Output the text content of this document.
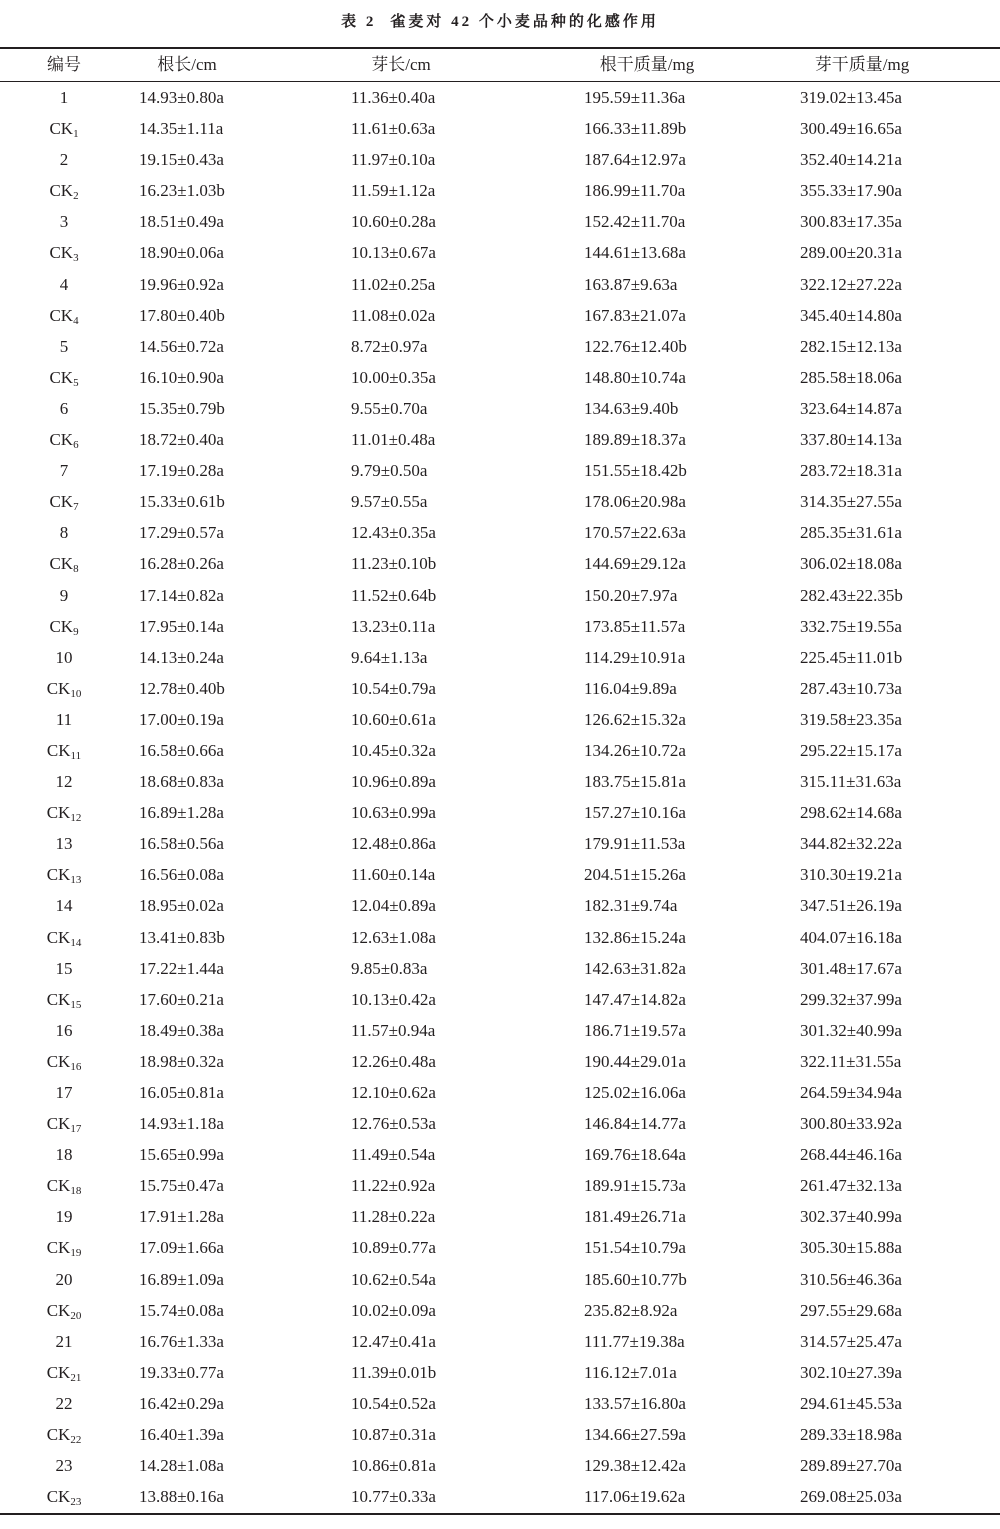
表 2 雀麦对 42 个小麦品种的化感作用
编号	根长/cm	芽长/cm	根干质量/mg	芽干质量/mg
1	14.93±0.80a	11.36±0.40a	195.59±11.36a	319.02±13.45a
$CK_1$	14.35±1.11a	11.61±0.63a	166.33±11.89b	300.49±16.65a
2	19.15±0.43a	11.97±0.10a	187.64±12.97a	352.40±14.21a
$CK_2$	16.23±1.03b	11.59±1.12a	186.99±11.70a	355.33±17.90a
3	18.51±0.49a	10.60±0.28a	152.42±11.70a	300.83±17.35a
$CK_3$	18.90±0.06a	10.13±0.67a	144.61±13.68a	289.00±20.31a
4	19.96±0.92a	11.02±0.25a	163.87±9.63a	322.12±27.22a
$CK_4$	17.80±0.40b	11.08±0.02a	167.83±21.07a	345.40±14.80a
5	14.56±0.72a	8.72±0.97a	122.76±12.40b	282.15±12.13a
$CK_5$	16.10±0.90a	10.00±0.35a	148.80±10.74a	285.58±18.06a
6	15.35±0.79b	9.55±0.70a	134.63±9.40b	323.64±14.87a
$CK_6$	18.72±0.40a	11.01±0.48a	189.89±18.37a	337.80±14.13a
7	17.19±0.28a	9.79±0.50a	151.55±18.42b	283.72±18.31a
$CK_7$	15.33±0.61b	9.57±0.55a	178.06±20.98a	314.35±27.55a
8	17.29±0.57a	12.43±0.35a	170.57±22.63a	285.35±31.61a
$CK_8$	16.28±0.26a	11.23±0.10b	144.69±29.12a	306.02±18.08a
9	17.14±0.82a	11.52±0.64b	150.20±7.97a	282.43±22.35b
$CK_9$	17.95±0.14a	13.23±0.11a	173.85±11.57a	332.75±19.55a
10	14.13±0.24a	9.64±1.13a	114.29±10.91a	225.45±11.01b
$CK_{10}$	12.78±0.40b	10.54±0.79a	116.04±9.89a	287.43±10.73a
11	17.00±0.19a	10.60±0.61a	126.62±15.32a	319.58±23.35a
$CK_{11}$	16.58±0.66a	10.45±0.32a	134.26±10.72a	295.22±15.17a
12	18.68±0.83a	10.96±0.89a	183.75±15.81a	315.11±31.63a
$CK_{12}$	16.89±1.28a	10.63±0.99a	157.27±10.16a	298.62±14.68a
13	16.58±0.56a	12.48±0.86a	179.91±11.53a	344.82±32.22a
$CK_{13}$	16.56±0.08a	11.60±0.14a	204.51±15.26a	310.30±19.21a
14	18.95±0.02a	12.04±0.89a	182.31±9.74a	347.51±26.19a
$CK_{14}$	13.41±0.83b	12.63±1.08a	132.86±15.24a	404.07±16.18a
15	17.22±1.44a	9.85±0.83a	142.63±31.82a	301.48±17.67a
$CK_{15}$	17.60±0.21a	10.13±0.42a	147.47±14.82a	299.32±37.99a
16	18.49±0.38a	11.57±0.94a	186.71±19.57a	301.32±40.99a
$CK_{16}$	18.98±0.32a	12.26±0.48a	190.44±29.01a	322.11±31.55a
17	16.05±0.81a	12.10±0.62a	125.02±16.06a	264.59±34.94a
$CK_{17}$	14.93±1.18a	12.76±0.53a	146.84±14.77a	300.80±33.92a
18	15.65±0.99a	11.49±0.54a	169.76±18.64a	268.44±46.16a
$CK_{18}$	15.75±0.47a	11.22±0.92a	189.91±15.73a	261.47±32.13a
19	17.91±1.28a	11.28±0.22a	181.49±26.71a	302.37±40.99a
$CK_{19}$	17.09±1.66a	10.89±0.77a	151.54±10.79a	305.30±15.88a
20	16.89±1.09a	10.62±0.54a	185.60±10.77b	310.56±46.36a
$CK_{20}$	15.74±0.08a	10.02±0.09a	235.82±8.92a	297.55±29.68a
21	16.76±1.33a	12.47±0.41a	111.77±19.38a	314.57±25.47a
$CK_{21}$	19.33±0.77a	11.39±0.01b	116.12±7.01a	302.10±27.39a
22	16.42±0.29a	10.54±0.52a	133.57±16.80a	294.61±45.53a
$CK_{22}$	16.40±1.39a	10.87±0.31a	134.66±27.59a	289.33±18.98a
23	14.28±1.08a	10.86±0.81a	129.38±12.42a	289.89±27.70a
$CK_{23}$	13.88±0.16a	10.77±0.33a	117.06±19.62a	269.08±25.03a
